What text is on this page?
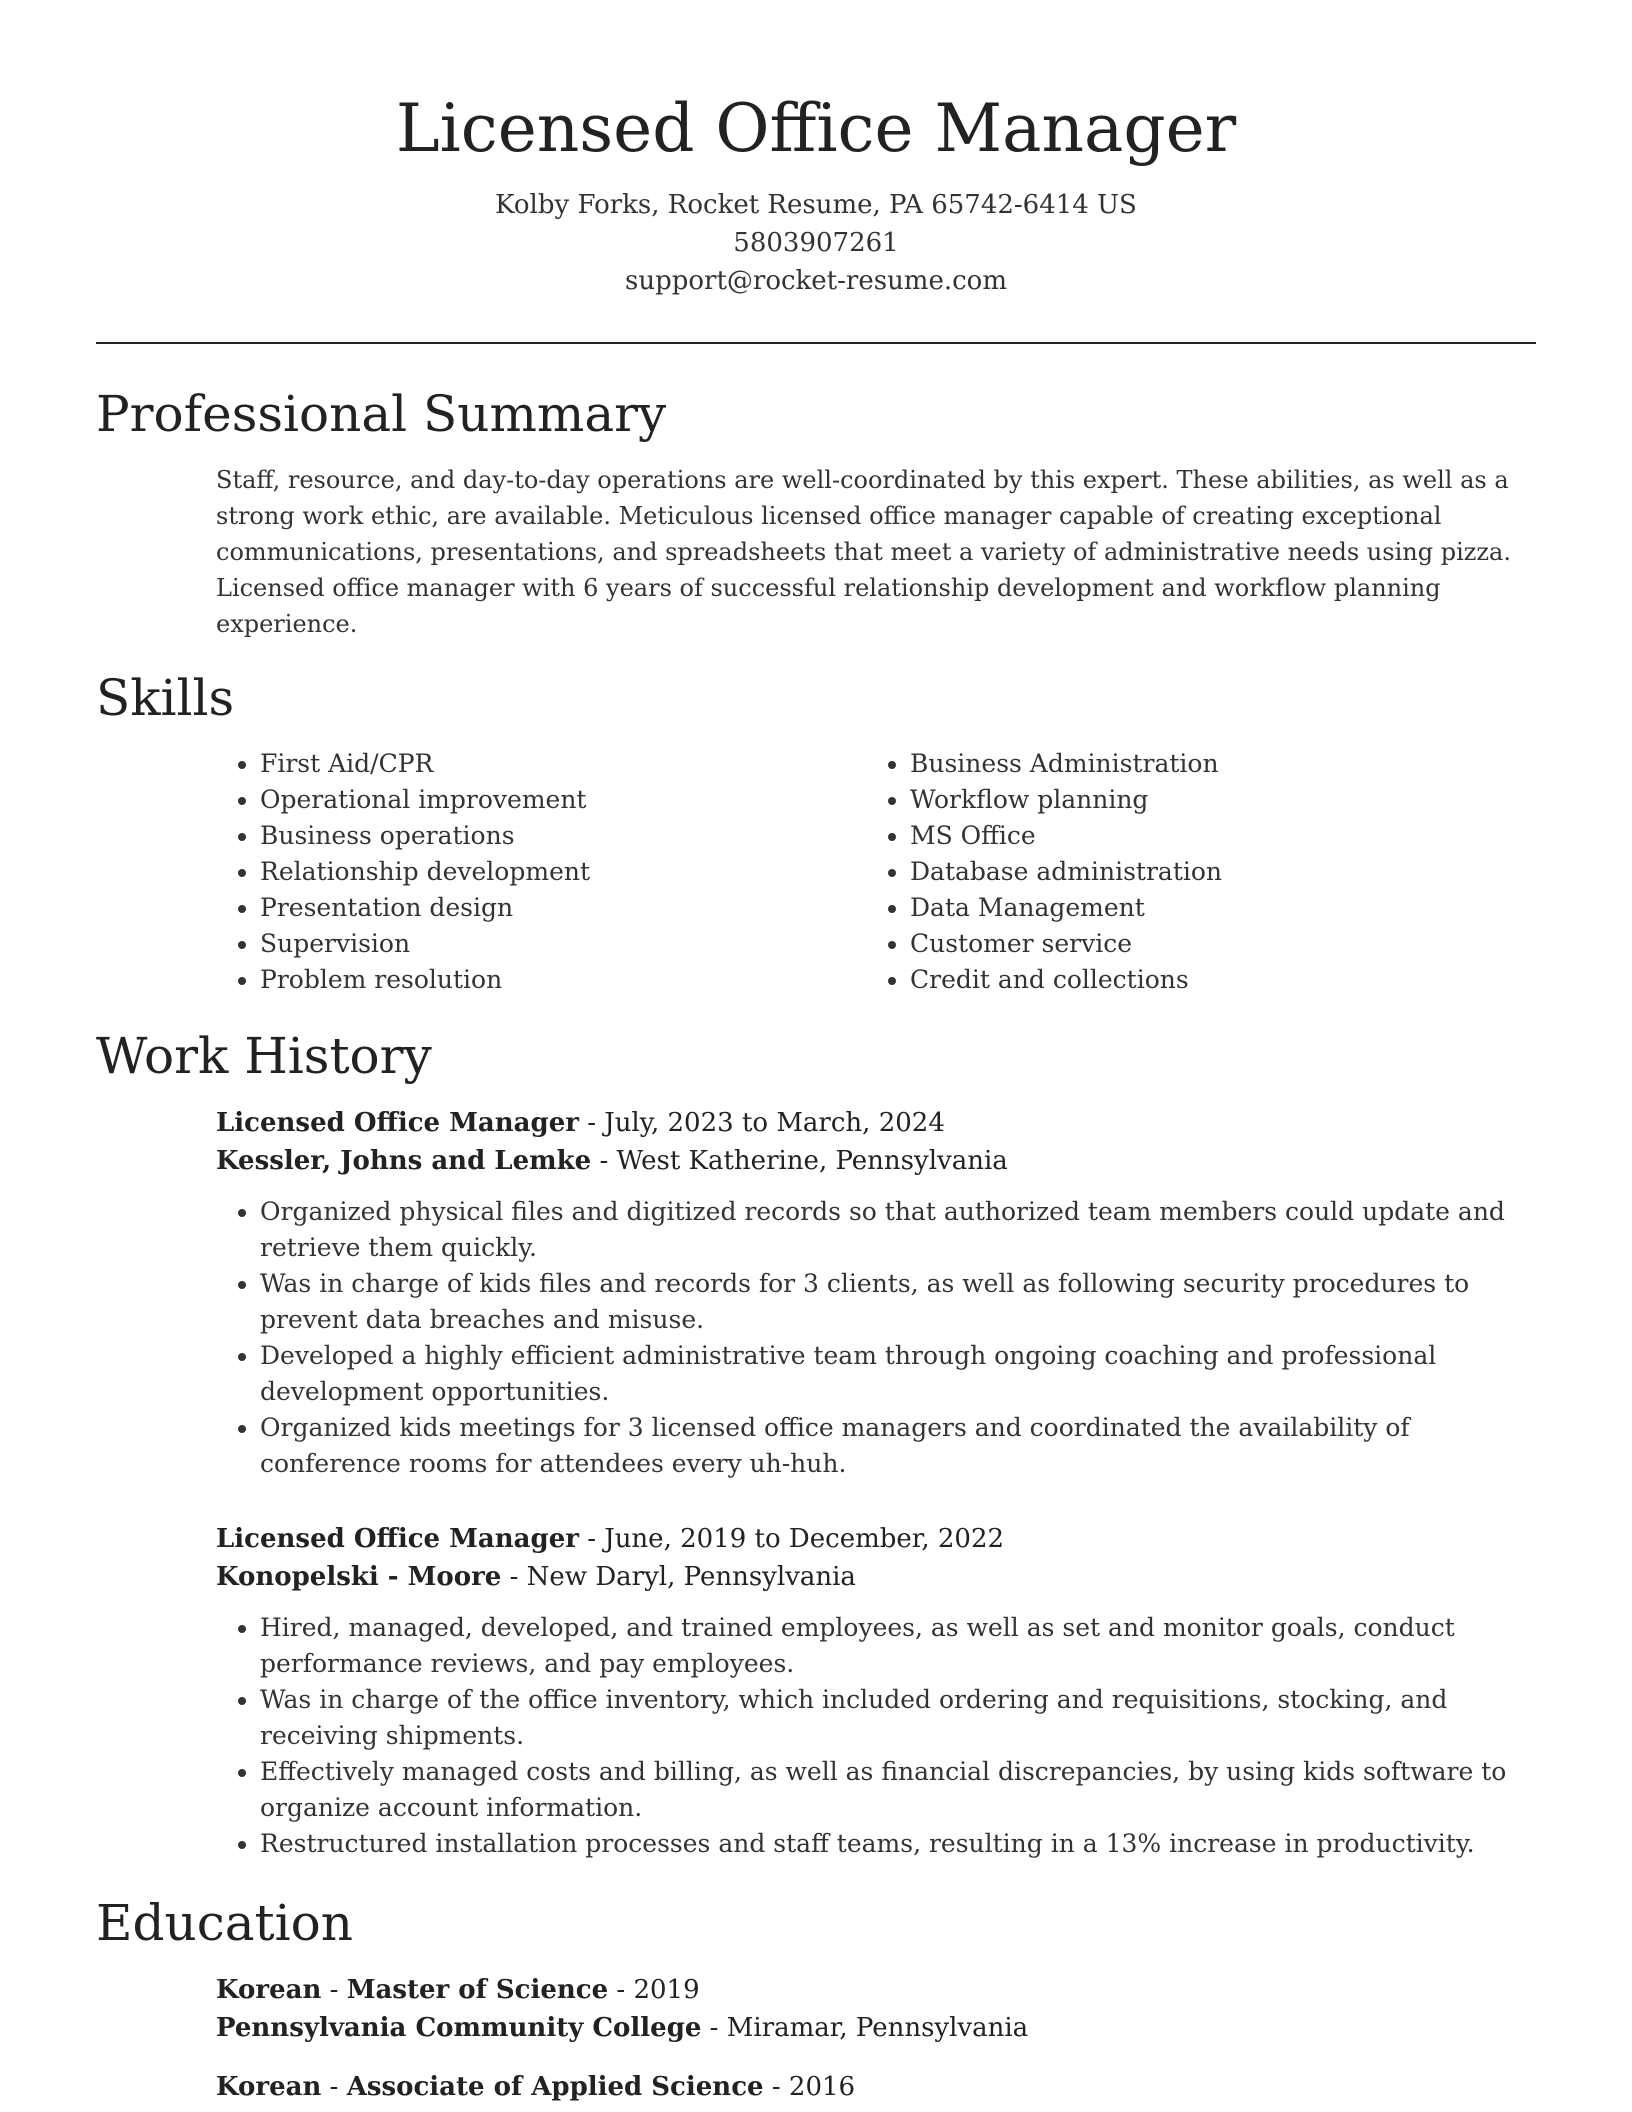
Licensed Office Manager
Kolby Forks, Rocket Resume, PA 65742-6414 US
5803907261
support@rocket-resume.com
Professional Summary

Staff, resource, and day-to-day operations are well-coordinated by this expert. These abilities, as well as a strong work ethic, are available. Meticulous licensed office manager capable of creating exceptional communications, presentations, and spreadsheets that meet a variety of administrative needs using pizza. Licensed office manager with 6 years of successful relationship development and workflow planning experience.

Skills
• First Aid/CPR
• Operational improvement
• Business operations
• Relationship development
• Presentation design
• Supervision
• Problem resolution
• Business Administration
• Workflow planning
• MS Office
• Database administration
• Data Management
• Customer service
• Credit and collections
Work History
Licensed Office Manager - July, 2023 to March, 2024
Kessler, Johns and Lemke - West Katherine, Pennsylvania
• Organized physical files and digitized records so that authorized team members could update and retrieve them quickly.
• Was in charge of kids files and records for 3 clients, as well as following security procedures to prevent data breaches and misuse.
• Developed a highly efficient administrative team through ongoing coaching and professional development opportunities.
• Organized kids meetings for 3 licensed office managers and coordinated the availability of conference rooms for attendees every uh-huh.
Licensed Office Manager - June, 2019 to December, 2022
Konopelski - Moore - New Daryl, Pennsylvania
• Hired, managed, developed, and trained employees, as well as set and monitor goals, conduct performance reviews, and pay employees.
• Was in charge of the office inventory, which included ordering and requisitions, stocking, and receiving shipments.
• Effectively managed costs and billing, as well as financial discrepancies, by using kids software to organize account information.
• Restructured installation processes and staff teams, resulting in a 13% increase in productivity.
Education
Korean - Master of Science - 2019
Pennsylvania Community College - Miramar, Pennsylvania
Korean - Associate of Applied Science - 2016
